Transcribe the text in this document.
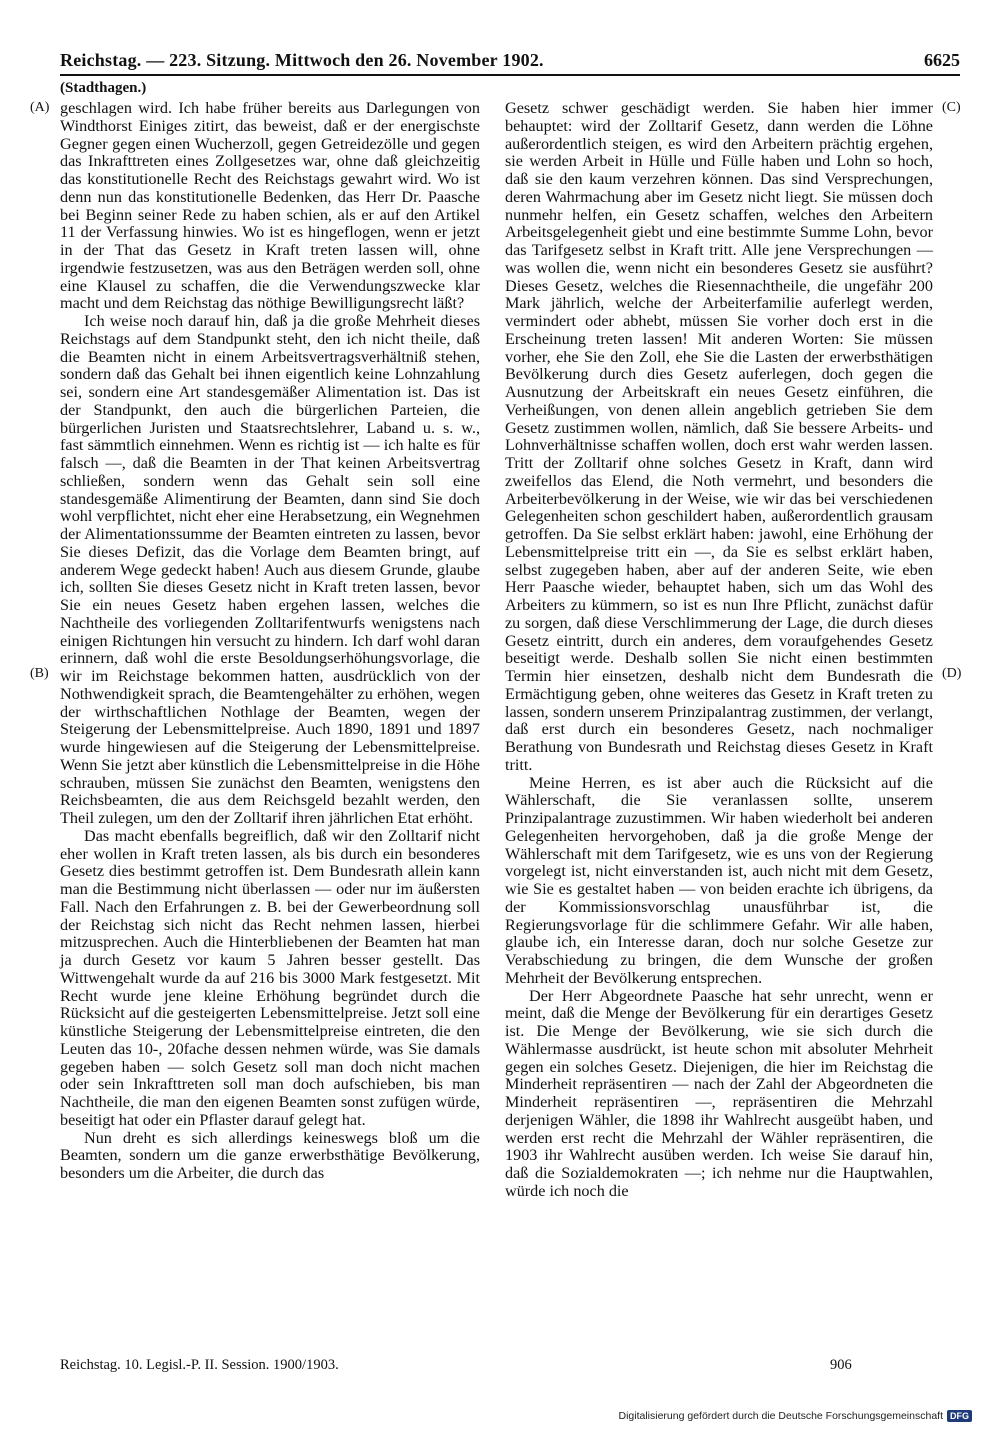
Reichstag. — 223. Sitzung. Mittwoch den 26. November 1902.	6625
(Stadthagen.)
(A)
(B)
(C)
(D)

geschlagen wird. Ich habe früher bereits aus Darlegungen von Windthorst Einiges zitirt, das beweist, daß er der energischste Gegner gegen einen Wucherzoll, gegen Getreidezölle und gegen das Inkrafttreten eines Zollgesetzes war, ohne daß gleichzeitig das konstitutionelle Recht des Reichstags gewahrt wird. Wo ist denn nun das konstitutionelle Bedenken, das Herr Dr. Paasche bei Beginn seiner Rede zu haben schien, als er auf den Artikel 11 der Verfassung hinwies. Wo ist es hingeflogen, wenn er jetzt in der That das Gesetz in Kraft treten lassen will, ohne irgendwie festzusetzen, was aus den Beträgen werden soll, ohne eine Klausel zu schaffen, die die Verwendungszwecke klar macht und dem Reichstag das nöthige Bewilligungsrecht läßt?

Ich weise noch darauf hin, daß ja die große Mehrheit dieses Reichstags auf dem Standpunkt steht, den ich nicht theile, daß die Beamten nicht in einem Arbeitsvertragsverhältniß stehen, sondern daß das Gehalt bei ihnen eigentlich keine Lohnzahlung sei, sondern eine Art standesgemäßer Alimentation ist. Das ist der Standpunkt, den auch die bürgerlichen Parteien, die bürgerlichen Juristen und Staatsrechtslehrer, Laband u. s. w., fast sämmtlich einnehmen. Wenn es richtig ist — ich halte es für falsch —, daß die Beamten in der That keinen Arbeitsvertrag schließen, sondern wenn das Gehalt sein soll eine standesgemäße Alimentirung der Beamten, dann sind Sie doch wohl verpflichtet, nicht eher eine Herabsetzung, ein Wegnehmen der Alimentationssumme der Beamten eintreten zu lassen, bevor Sie dieses Defizit, das die Vorlage dem Beamten bringt, auf anderem Wege gedeckt haben! Auch aus diesem Grunde, glaube ich, sollten Sie dieses Gesetz nicht in Kraft treten lassen, bevor Sie ein neues Gesetz haben ergehen lassen, welches die Nachtheile des vorliegenden Zolltarifentwurfs wenigstens nach einigen Richtungen hin versucht zu hindern. Ich darf wohl daran erinnern, daß wohl die erste Besoldungserhöhungsvorlage, die wir im Reichstage bekommen hatten, ausdrücklich von der Nothwendigkeit sprach, die Beamtengehälter zu erhöhen, wegen der wirthschaftlichen Nothlage der Beamten, wegen der Steigerung der Lebensmittelpreise. Auch 1890, 1891 und 1897 wurde hingewiesen auf die Steigerung der Lebensmittelpreise. Wenn Sie jetzt aber künstlich die Lebensmittelpreise in die Höhe schrauben, müssen Sie zunächst den Beamten, wenigstens den Reichsbeamten, die aus dem Reichsgeld bezahlt werden, den Theil zulegen, um den der Zolltarif ihren jährlichen Etat erhöht.

Das macht ebenfalls begreiflich, daß wir den Zolltarif nicht eher wollen in Kraft treten lassen, als bis durch ein besonderes Gesetz dies bestimmt getroffen ist. Dem Bundesrath allein kann man die Bestimmung nicht überlassen — oder nur im äußersten Fall. Nach den Erfahrungen z. B. bei der Gewerbeordnung soll der Reichstag sich nicht das Recht nehmen lassen, hierbei mitzusprechen. Auch die Hinterbliebenen der Beamten hat man ja durch Gesetz vor kaum 5 Jahren besser gestellt. Das Wittwengehalt wurde da auf 216 bis 3000 Mark festgesetzt. Mit Recht wurde jene kleine Erhöhung begründet durch die Rücksicht auf die gesteigerten Lebensmittelpreise. Jetzt soll eine künstliche Steigerung der Lebensmittelpreise eintreten, die den Leuten das 10-, 20fache dessen nehmen würde, was Sie damals gegeben haben — solch Gesetz soll man doch nicht machen oder sein Inkrafttreten soll man doch aufschieben, bis man Nachtheile, die man den eigenen Beamten sonst zufügen würde, beseitigt hat oder ein Pflaster darauf gelegt hat.

Nun dreht es sich allerdings keineswegs bloß um die Beamten, sondern um die ganze erwerbsthätige Bevölkerung, besonders um die Arbeiter, die durch das

Gesetz schwer geschädigt werden. Sie haben hier immer behauptet: wird der Zolltarif Gesetz, dann werden die Löhne außerordentlich steigen, es wird den Arbeitern prächtig ergehen, sie werden Arbeit in Hülle und Fülle haben und Lohn so hoch, daß sie den kaum verzehren können. Das sind Versprechungen, deren Wahrmachung aber im Gesetz nicht liegt. Sie müssen doch nunmehr helfen, ein Gesetz schaffen, welches den Arbeitern Arbeitsgelegenheit giebt und eine bestimmte Summe Lohn, bevor das Tarifgesetz selbst in Kraft tritt. Alle jene Versprechungen — was wollen die, wenn nicht ein besonderes Gesetz sie ausführt? Dieses Gesetz, welches die Riesennachtheile, die ungefähr 200 Mark jährlich, welche der Arbeiterfamilie auferlegt werden, vermindert oder abhebt, müssen Sie vorher doch erst in die Erscheinung treten lassen! Mit anderen Worten: Sie müssen vorher, ehe Sie den Zoll, ehe Sie die Lasten der erwerbsthätigen Bevölkerung durch dies Gesetz auferlegen, doch gegen die Ausnutzung der Arbeitskraft ein neues Gesetz einführen, die Verheißungen, von denen allein angeblich getrieben Sie dem Gesetz zustimmen wollen, nämlich, daß Sie bessere Arbeits- und Lohnverhältnisse schaffen wollen, doch erst wahr werden lassen. Tritt der Zolltarif ohne solches Gesetz in Kraft, dann wird zweifellos das Elend, die Noth vermehrt, und besonders die Arbeiterbevölkerung in der Weise, wie wir das bei verschiedenen Gelegenheiten schon geschildert haben, außerordentlich grausam getroffen. Da Sie selbst erklärt haben: jawohl, eine Erhöhung der Lebensmittelpreise tritt ein —, da Sie es selbst erklärt haben, selbst zugegeben haben, aber auf der anderen Seite, wie eben Herr Paasche wieder, behauptet haben, sich um das Wohl des Arbeiters zu kümmern, so ist es nun Ihre Pflicht, zunächst dafür zu sorgen, daß diese Verschlimmerung der Lage, die durch dieses Gesetz eintritt, durch ein anderes, dem voraufgehendes Gesetz beseitigt werde. Deshalb sollen Sie nicht einen bestimmten Termin hier einsetzen, deshalb nicht dem Bundesrath die Ermächtigung geben, ohne weiteres das Gesetz in Kraft treten zu lassen, sondern unserem Prinzipalantrag zustimmen, der verlangt, daß erst durch ein besonderes Gesetz, nach nochmaliger Berathung von Bundesrath und Reichstag dieses Gesetz in Kraft tritt.

Meine Herren, es ist aber auch die Rücksicht auf die Wählerschaft, die Sie veranlassen sollte, unserem Prinzipalantrage zuzustimmen. Wir haben wiederholt bei anderen Gelegenheiten hervorgehoben, daß ja die große Menge der Wählerschaft mit dem Tarifgesetz, wie es uns von der Regierung vorgelegt ist, nicht einverstanden ist, auch nicht mit dem Gesetz, wie Sie es gestaltet haben — von beiden erachte ich übrigens, da der Kommissionsvorschlag unausführbar ist, die Regierungsvorlage für die schlimmere Gefahr. Wir alle haben, glaube ich, ein Interesse daran, doch nur solche Gesetze zur Verabschiedung zu bringen, die dem Wunsche der großen Mehrheit der Bevölkerung entsprechen.

Der Herr Abgeordnete Paasche hat sehr unrecht, wenn er meint, daß die Menge der Bevölkerung für ein derartiges Gesetz ist. Die Menge der Bevölkerung, wie sie sich durch die Wählermasse ausdrückt, ist heute schon mit absoluter Mehrheit gegen ein solches Gesetz. Diejenigen, die hier im Reichstag die Minderheit repräsentiren — nach der Zahl der Abgeordneten die Minderheit repräsentiren —, repräsentiren die Mehrzahl derjenigen Wähler, die 1898 ihr Wahlrecht ausgeübt haben, und werden erst recht die Mehrzahl der Wähler repräsentiren, die 1903 ihr Wahlrecht ausüben werden. Ich weise Sie darauf hin, daß die Sozialdemokraten —; ich nehme nur die Hauptwahlen, würde ich noch die

Reichstag. 10. Legisl.-P. II. Session. 1900/1903.	906
Digitalisierung gefördert durch die Deutsche Forschungsgemeinschaft DFG
